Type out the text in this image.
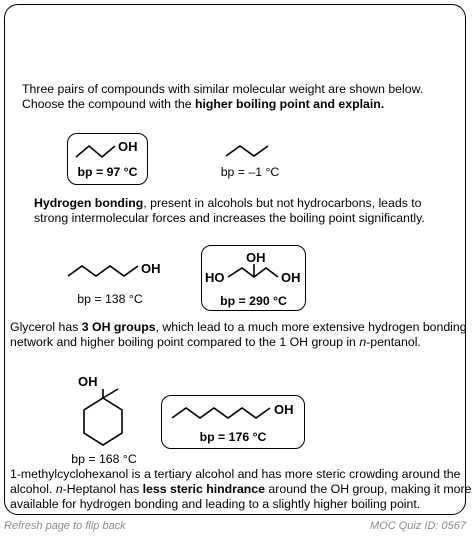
Three pairs of compounds with similar molecular weight are shown below.
Choose the compound with the higher boiling point and explain.
OH
bp = 97 °C	bp = –1 °C
Hydrogen bonding, present in alcohols but not hydrocarbons, leads to
strong intermolecular forces and increases the boiling point significantly.
OH
bp = 138 °C
HO
OH
OH
bp = 290 °C
Glycerol has 3 OH groups, which lead to a much more extensive hydrogen bonding
network and higher boiling point compared to the 1 OH group in n-pentanol.
OH
bp = 168 °C
OH
bp = 176 °C
1-methylcyclohexanol is a tertiary alcohol and has more steric crowding around the
alcohol. n-Heptanol has less steric hindrance around the OH group, making it more
available for hydrogen bonding and leading to a slightly higher boiling point.
Refresh page to flip back	MOC Quiz ID: 0567
